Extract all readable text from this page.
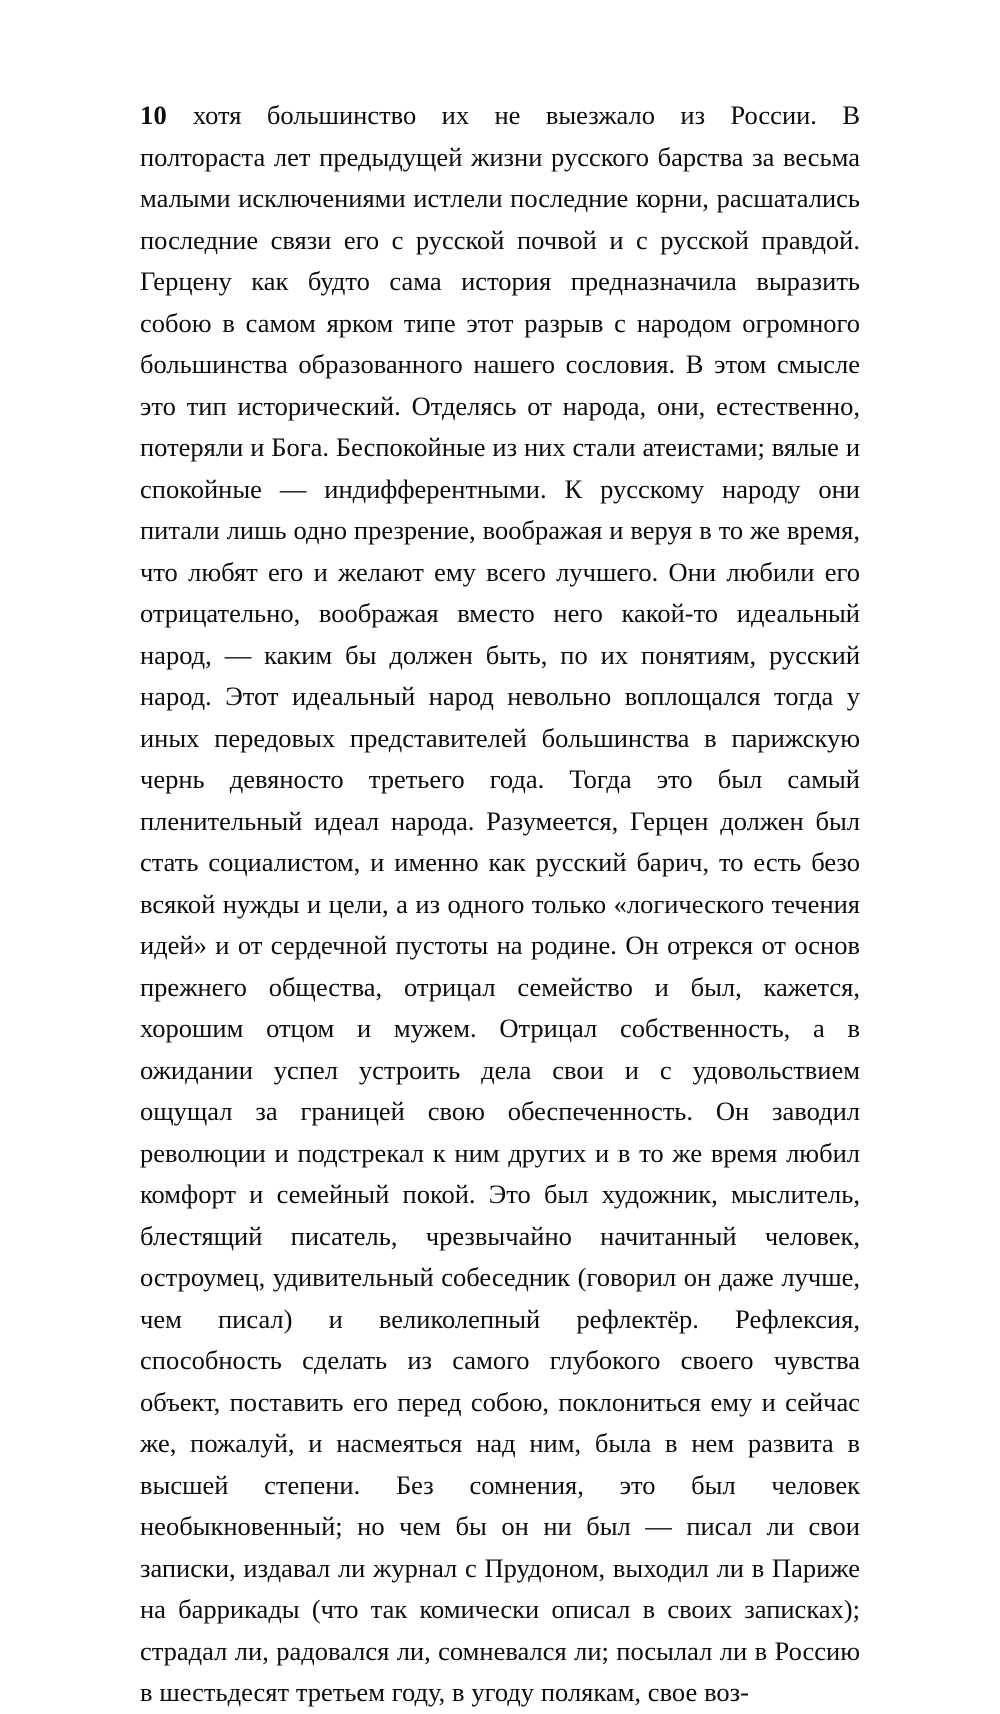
10 хотя большинство их не выезжало из России. В полтораста лет предыдущей жизни русского барства за весьма малыми исключениями истлели последние корни, расшатались последние связи его с русской почвой и с русской правдой. Герцену как будто сама история предназначила выразить собою в самом ярком типе этот разрыв с народом огромного большинства образованного нашего сословия. В этом смысле это тип исторический. Отделясь от народа, они, естественно, потеряли и Бога. Беспокойные из них стали атеистами; вялые и спокойные — индифферентными. К русскому народу они питали лишь одно презрение, воображая и веруя в то же время, что любят его и желают ему всего лучшего. Они любили его отрицательно, воображая вместо него какой-то идеальный народ, — каким бы должен быть, по их понятиям, русский народ. Этот идеальный народ невольно воплощался тогда у иных передовых представителей большинства в парижскую чернь девяносто третьего года. Тогда это был самый пленительный идеал народа. Разумеется, Герцен должен был стать социалистом, и именно как русский барич, то есть безо всякой нужды и цели, а из одного только «логического течения идей» и от сердечной пустоты на родине. Он отрекся от основ прежнего общества, отрицал семейство и был, кажется, хорошим отцом и мужем. Отрицал собственность, а в ожидании успел устроить дела свои и с удовольствием ощущал за границей свою обеспеченность. Он заводил революции и подстрекал к ним других и в то же время любил комфорт и семейный покой. Это был художник, мыслитель, блестящий писатель, чрезвычайно начитанный человек, остроумец, удивительный собеседник (говорил он даже лучше, чем писал) и великолепный рефлектёр. Рефлексия, способность сделать из самого глубокого своего чувства объект, поставить его перед собою, поклониться ему и сейчас же, пожалуй, и насмеяться над ним, была в нем развита в высшей степени. Без сомнения, это был человек необыкновенный; но чем бы он ни был — писал ли свои записки, издавал ли журнал с Прудоном, выходил ли в Париже на баррикады (что так комически описал в своих записках); страдал ли, радовался ли, сомневался ли; посылал ли в Россию в шестьдесят третьем году, в угоду полякам, свое воз-
